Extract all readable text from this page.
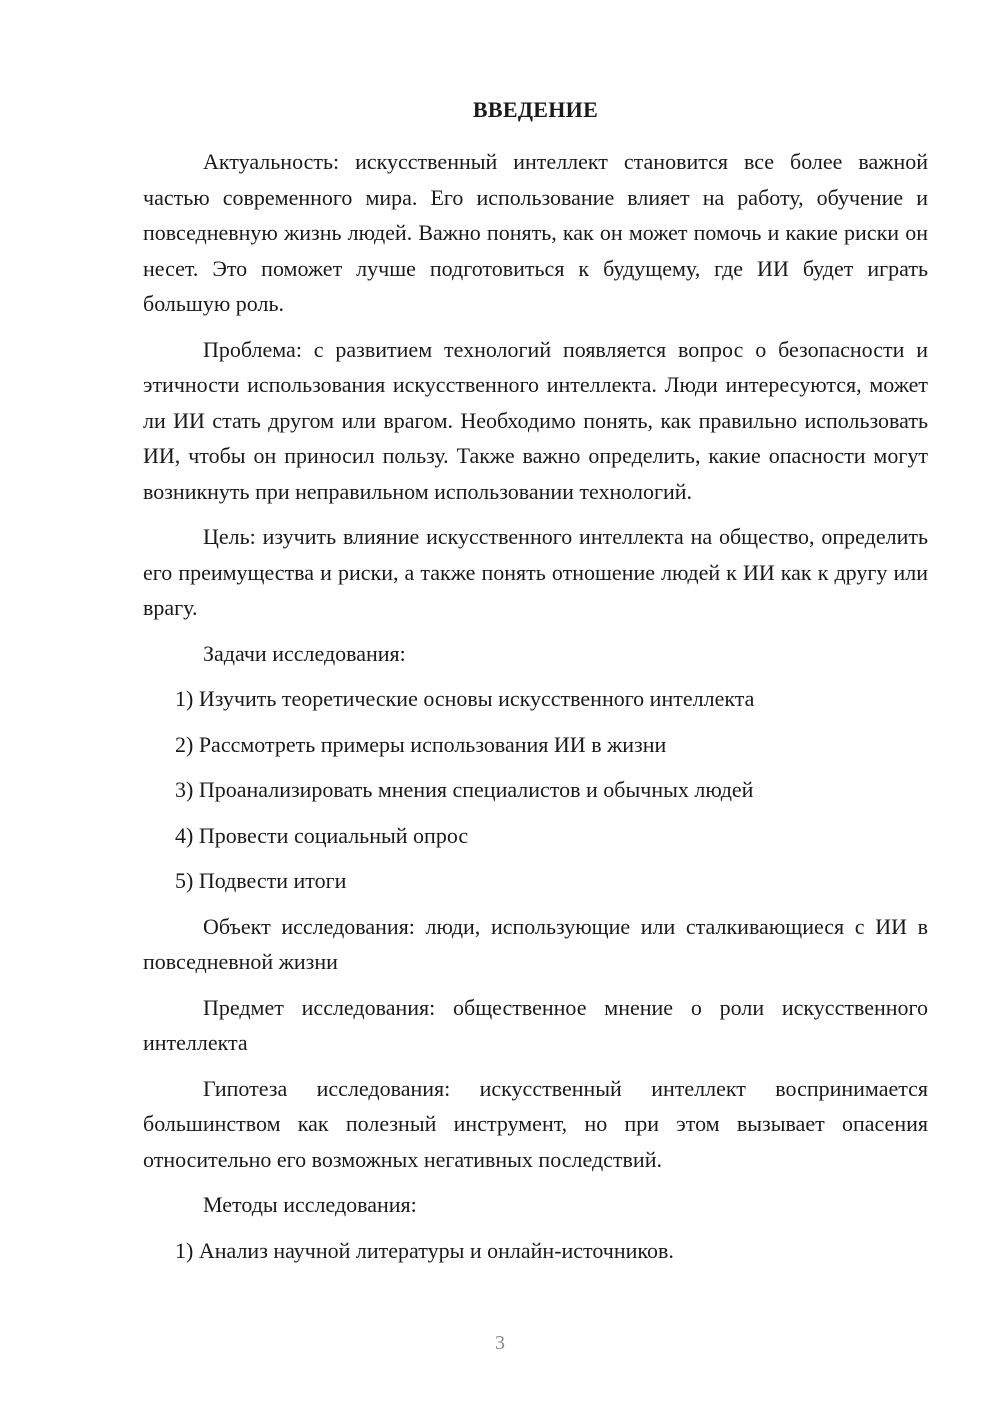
ВВЕДЕНИЕ

Актуальность: искусственный интеллект становится все более важной частью современного мира. Его использование влияет на работу, обучение и повседневную жизнь людей. Важно понять, как он может помочь и какие риски он несет. Это поможет лучше подготовиться к будущему, где ИИ будет играть большую роль.

Проблема: с развитием технологий появляется вопрос о безопасности и этичности использования искусственного интеллекта. Люди интересуются, может ли ИИ стать другом или врагом. Необходимо понять, как правильно использовать ИИ, чтобы он приносил пользу. Также важно определить, какие опасности могут возникнуть при неправильном использовании технологий.

Цель: изучить влияние искусственного интеллекта на общество, определить его преимущества и риски, а также понять отношение людей к ИИ как к другу или врагу.

Задачи исследования:

1) Изучить теоретические основы искусственного интеллекта
2) Рассмотреть примеры использования ИИ в жизни
3) Проанализировать мнения специалистов и обычных людей
4) Провести социальный опрос
5) Подвести итоги

Объект исследования: люди, использующие или сталкивающиеся с ИИ в повседневной жизни

Предмет исследования: общественное мнение о роли искусственного интеллекта

Гипотеза исследования: искусственный интеллект воспринимается большинством как полезный инструмент, но при этом вызывает опасения относительно его возможных негативных последствий.

Методы исследования:

1) Анализ научной литературы и онлайн-источников.
3
